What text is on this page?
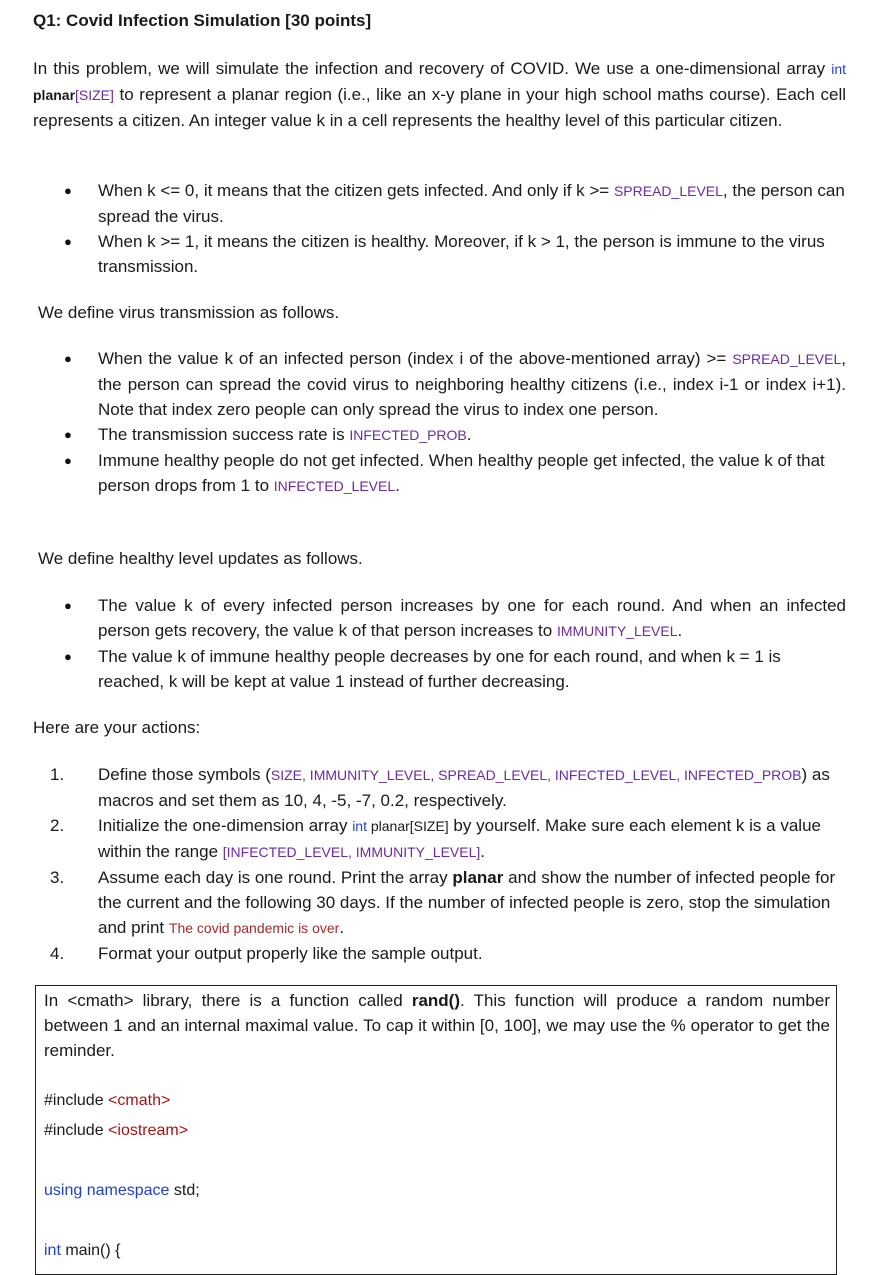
Q1: Covid Infection Simulation [30 points]

In this problem, we will simulate the infection and recovery of COVID. We use a one-dimensional array int planar[SIZE] to represent a planar region (i.e., like an x-y plane in your high school maths course). Each cell represents a citizen. An integer value k in a cell represents the healthy level of this particular citizen.

● When k <= 0, it means that the citizen gets infected. And only if k >= SPREAD_LEVEL, the person can spread the virus.
● When k >= 1, it means the citizen is healthy. Moreover, if k > 1, the person is immune to the virus transmission.

We define virus transmission as follows.

● When the value k of an infected person (index i of the above-mentioned array) >= SPREAD_LEVEL, the person can spread the covid virus to neighboring healthy citizens (i.e., index i-1 or index i+1). Note that index zero people can only spread the virus to index one person.
● The transmission success rate is INFECTED_PROB.
● Immune healthy people do not get infected. When healthy people get infected, the value k of that person drops from 1 to INFECTED_LEVEL.

We define healthy level updates as follows.

● The value k of every infected person increases by one for each round. And when an infected person gets recovery, the value k of that person increases to IMMUNITY_LEVEL.
● The value k of immune healthy people decreases by one for each round, and when k = 1 is reached, k will be kept at value 1 instead of further decreasing.

Here are your actions:

1. Define those symbols (SIZE, IMMUNITY_LEVEL, SPREAD_LEVEL, INFECTED_LEVEL, INFECTED_PROB) as macros and set them as 10, 4, -5, -7, 0.2, respectively.
2. Initialize the one-dimension array int planar[SIZE] by yourself. Make sure each element k is a value within the range [INFECTED_LEVEL, IMMUNITY_LEVEL].
3. Assume each day is one round. Print the array planar and show the number of infected people for the current and the following 30 days. If the number of infected people is zero, stop the simulation and print The covid pandemic is over.
4. Format your output properly like the sample output.

In <cmath> library, there is a function called rand(). This function will produce a random number between 1 and an internal maximal value. To cap it within [0, 100], we may use the % operator to get the reminder.

#include <cmath>

#include <iostream>

using namespace std;

int main() {
